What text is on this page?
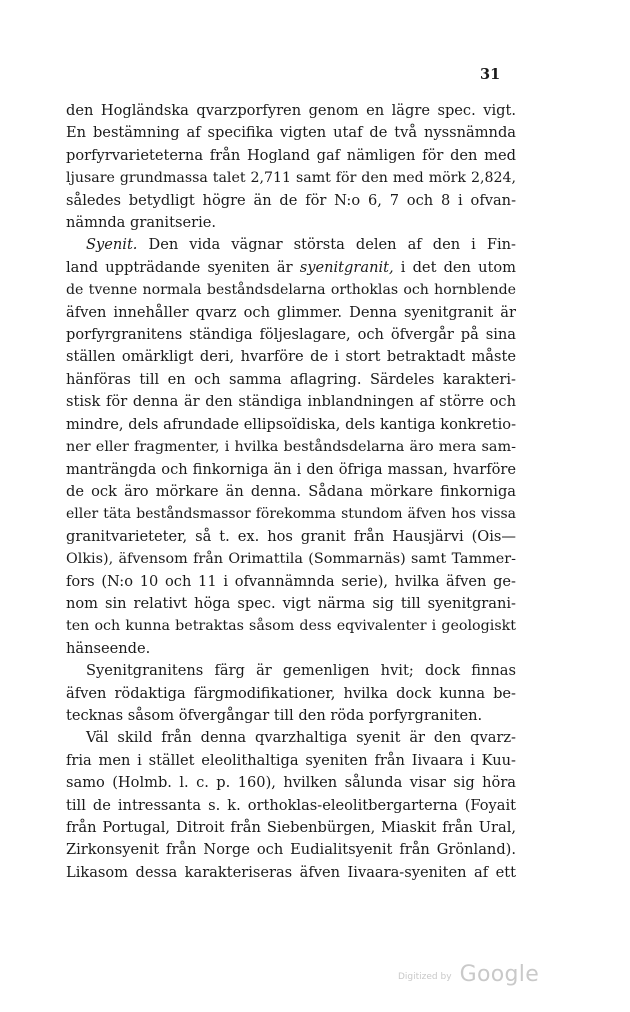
31
den Hogländska qvarzporfyren genom en lägre spec. vigt.
En bestämning af specifika vigten utaf de två nyssnämnda
porfyrvarieteterna från Hogland gaf nämligen för den med
ljusare grundmassa talet 2,711 samt för den med mörk 2,824,
således betydligt högre än de för N:o 6, 7 och 8 i ofvan-
nämnda granitserie.
Syenit. Den vida vägnar största delen af den i Fin-
land uppträdande syeniten är syenitgranit, i det den utom
de tvenne normala beståndsdelarna orthoklas och hornblende
äfven innehåller qvarz och glimmer. Denna syenitgranit är
porfyrgranitens ständiga följeslagare, och öfvergår på sina
ställen omärkligt deri, hvarföre de i stort betraktadt måste
hänföras till en och samma aflagring. Särdeles karakteri-
stisk för denna är den ständiga inblandningen af större och
mindre, dels afrundade ellipsoïdiska, dels kantiga konkretio-
ner eller fragmenter, i hvilka beståndsdelarna äro mera sam-
manträngda och finkorniga än i den öfriga massan, hvarföre
de ock äro mörkare än denna. Sådana mörkare finkorniga
eller täta beståndsmassor förekomma stundom äfven hos vissa
granitvarieteter, så t. ex. hos granit från Hausjärvi (Ois—
Olkis), äfvensom från Orimattila (Sommarnäs) samt Tammer-
fors (N:o 10 och 11 i ofvannämnda serie), hvilka äfven ge-
nom sin relativt höga spec. vigt närma sig till syenitgrani-
ten och kunna betraktas såsom dess eqvivalenter i geologiskt
hänseende.
Syenitgranitens färg är gemenligen hvit; dock finnas
äfven rödaktiga färgmodifikationer, hvilka dock kunna be-
tecknas såsom öfvergångar till den röda porfyrgraniten.
Väl skild från denna qvarzhaltiga syenit är den qvarz-
fria men i stället eleolithaltiga syeniten från Iivaara i Kuu-
samo (Holmb. l. c. p. 160), hvilken sålunda visar sig höra
till de intressanta s. k. orthoklas-eleolitbergarterna (Foyait
från Portugal, Ditroit från Siebenbürgen, Miaskit från Ural,
Zirkonsyenit från Norge och Eudialitsyenit från Grönland).
Likasom dessa karakteriseras äfven Iivaara-syeniten af ett
Digitized by Google
